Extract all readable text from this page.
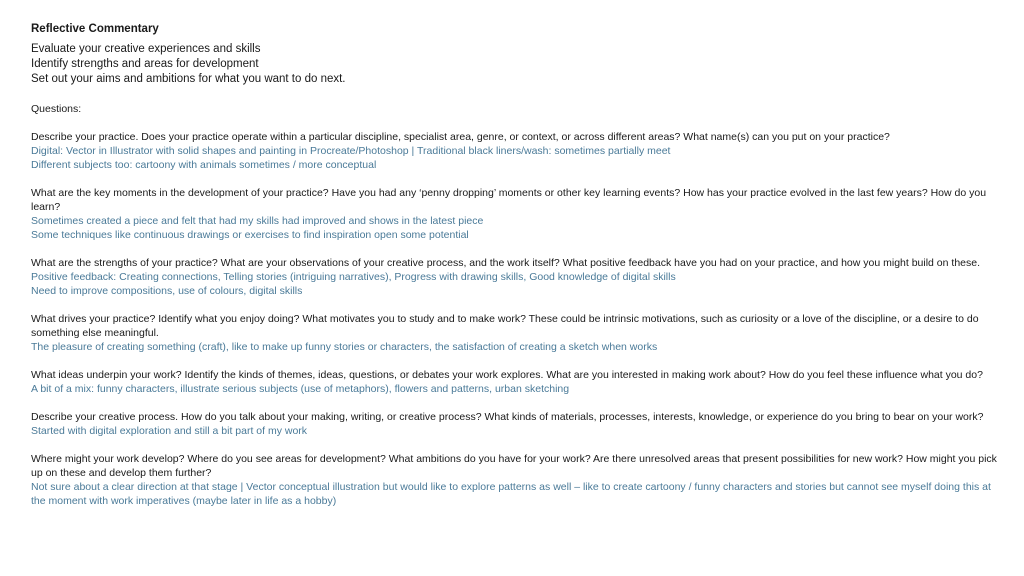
Reflective Commentary
Evaluate your creative experiences and skills
Identify strengths and areas for development
Set out your aims and ambitions for what you want to do next.
Questions:
Describe your practice. Does your practice operate within a particular discipline, specialist area, genre, or context, or across different areas? What name(s) can you put on your practice?
Digital: Vector in Illustrator with solid shapes and painting in Procreate/Photoshop | Traditional black liners/wash: sometimes partially meet
Different subjects too: cartoony with animals sometimes / more conceptual
What are the key moments in the development of your practice? Have you had any ‘penny dropping’ moments or other key learning events? How has your practice evolved in the last few years? How do you learn?
Sometimes created a piece and felt that had my skills had improved and shows in the latest piece
Some techniques like continuous drawings or exercises to find inspiration open some potential
What are the strengths of your practice? What are your observations of your creative process, and the work itself? What positive feedback have you had on your practice, and how you might build on these.
Positive feedback: Creating connections, Telling stories (intriguing narratives), Progress with drawing skills, Good knowledge of digital skills
Need to improve compositions, use of colours, digital skills
What drives your practice? Identify what you enjoy doing? What motivates you to study and to make work? These could be intrinsic motivations, such as curiosity or a love of the discipline, or a desire to do something else meaningful.
The pleasure of creating something (craft), like to make up funny stories or characters, the satisfaction of creating a sketch when works
What ideas underpin your work? Identify the kinds of themes, ideas, questions, or debates your work explores. What are you interested in making work about? How do you feel these influence what you do?
A bit of a mix: funny characters, illustrate serious subjects (use of metaphors), flowers and patterns, urban sketching
Describe your creative process. How do you talk about your making, writing, or creative process? What kinds of materials, processes, interests, knowledge, or experience do you bring to bear on your work?
Started with digital exploration and still a bit part of my work
Where might your work develop? Where do you see areas for development? What ambitions do you have for your work? Are there unresolved areas that present possibilities for new work? How might you pick up on these and develop them further?
Not sure about a clear direction at that stage | Vector conceptual illustration but would like to explore patterns as well – like to create cartoony / funny characters and stories but cannot see myself doing this at the moment with work imperatives (maybe later in life as a hobby)
